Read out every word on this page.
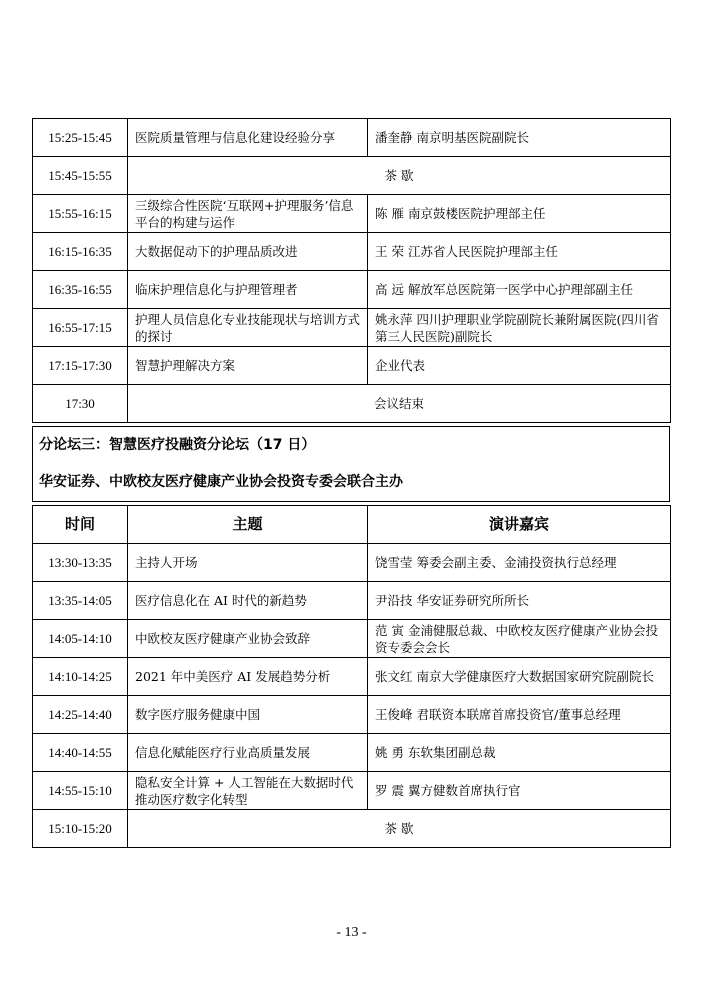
15:25-15:45	医院质量管理与信息化建设经验分享	潘奎静 南京明基医院副院长
15:45-15:55	茶 歇	
15:55-16:15	三级综合性医院‘互联网+护理服务’信息平台的构建与运作	陈 雁 南京鼓楼医院护理部主任
16:15-16:35	大数据促动下的护理品质改进	王 荣 江苏省人民医院护理部主任
16:35-16:55	临床护理信息化与护理管理者	高 远 解放军总医院第一医学中心护理部副主任
16:55-17:15	护理人员信息化专业技能现状与培训方式的探讨	姚永萍 四川护理职业学院副院长兼附属医院(四川省第三人民医院)副院长
17:15-17:30	智慧护理解决方案	企业代表
17:30	会议结束	
分论坛三：智慧医疗投融资分论坛（17 日）
华安证券、中欧校友医疗健康产业协会投资专委会联合主办
时间	主题	演讲嘉宾
13:30-13:35	主持人开场	饶雪莹 筹委会副主委、金浦投资执行总经理
13:35-14:05	医疗信息化在 AI 时代的新趋势	尹沿技 华安证券研究所所长
14:05-14:10	中欧校友医疗健康产业协会致辞	范 寅 金浦健服总裁、中欧校友医疗健康产业协会投资专委会会长
14:10-14:25	2021 年中美医疗 AI 发展趋势分析	张文红 南京大学健康医疗大数据国家研究院副院长
14:25-14:40	数字医疗服务健康中国	王俊峰 君联资本联席首席投资官/董事总经理
14:40-14:55	信息化赋能医疗行业高质量发展	姚 勇 东软集团副总裁
14:55-15:10	隐私安全计算 + 人工智能在大数据时代推动医疗数字化转型	罗 震 翼方健数首席执行官
15:10-15:20	茶 歇	
- 13 -
